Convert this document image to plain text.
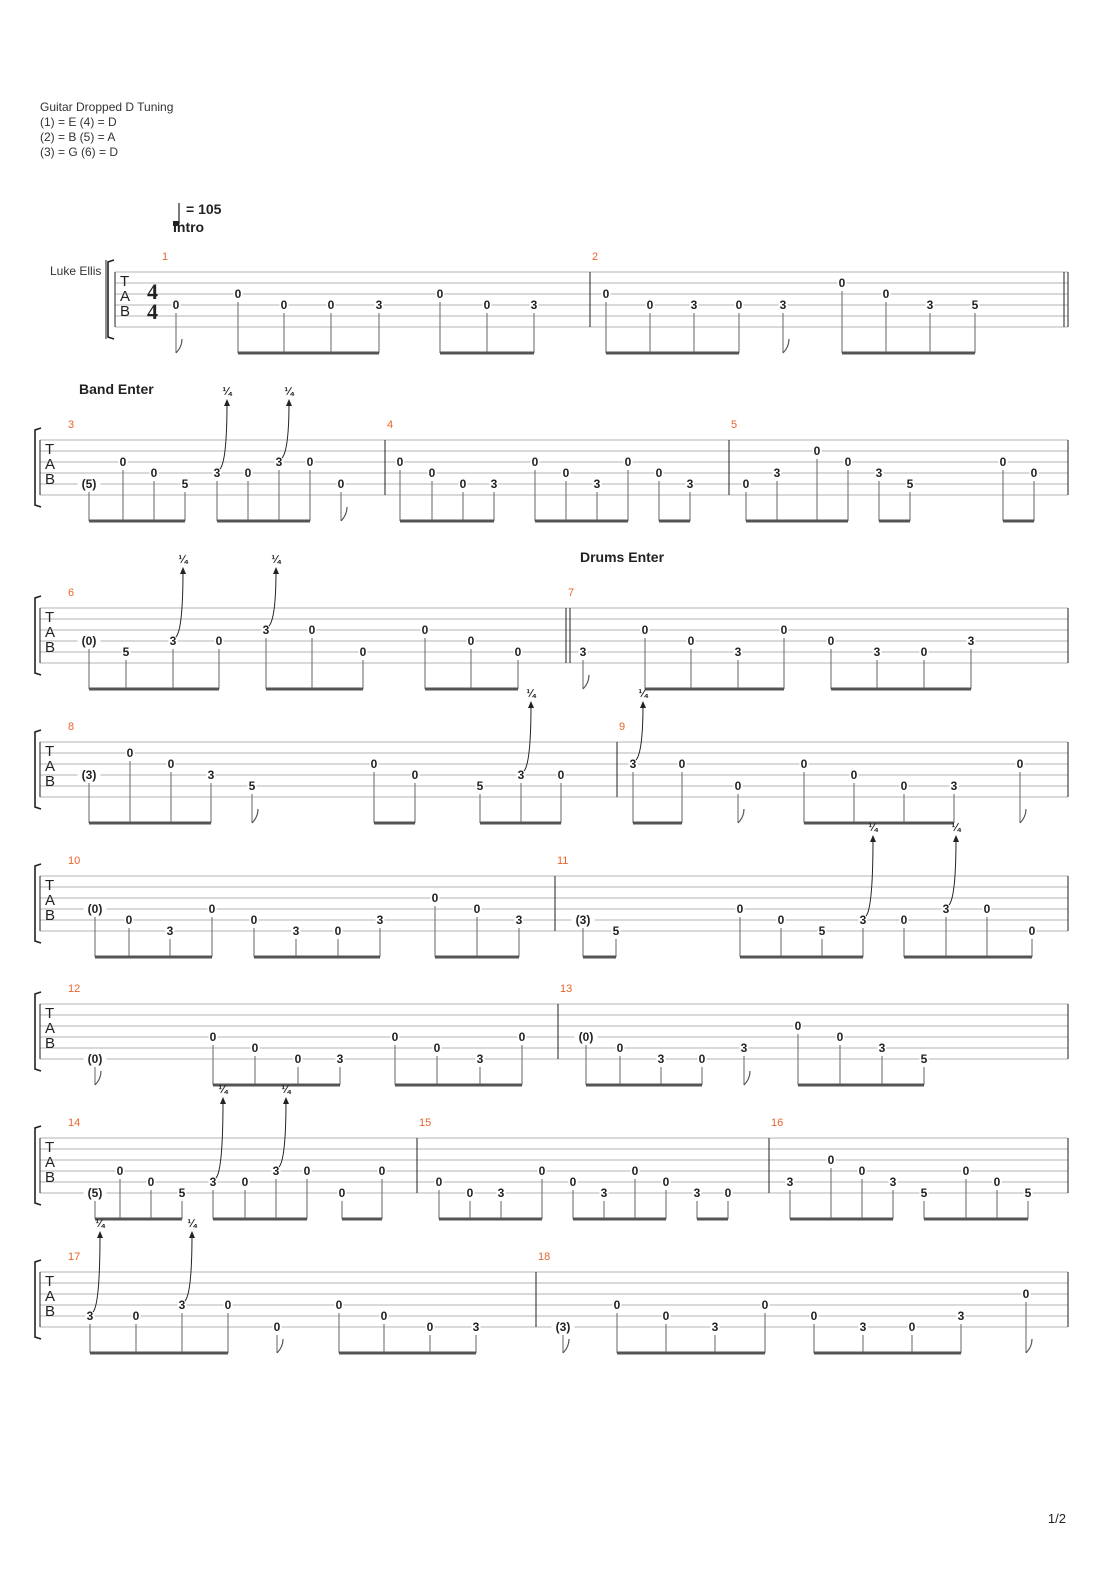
Guitar Dropped D Tuning
(1) = E (4) = D
(2) = B (5) = A
(3) = G (6) = D
= 105
Luke Ellis
T
A
B
4
4
Intro
1
0
0
0	0	3
0
0	3
2
0
0	3	0	3
0
0
3	5
T
A
B
Band Enter
3
(5)
0
0
5
3
¼
0
3
¼
0
0
4
0
0
0 3
0
0
3
0
0
3
5
0
3
0
0
3
5
0
0
T
A
B
Drums Enter
6
(0)
5
3
¼
0
3
¼
0
0
0
0
0
7
3
0
0
3
0
0
3	0
3
T
A
B
8
(3)
0
0
3
5
0
0
5
3
¼
0
9
3
¼
0
0
0
0
0	3
0
T
A
B
10
(0)
0
3
0
0
3	0
3
0
0
3
11
(3)
5
0
0
5
3
¼
0
3
¼
0
0
T
A
B
12
(0)
0
0
0	3
0
0
3
0
13
(0)
0
3	0
3
0
0
3
5
T
A
B
14
(5)
0
0
5
3
¼
0
3
¼
0
0
0
15
0
0 3
0
0
3
0
0
3 0
16
3
0
0
3
5
0
0
5
T
A
B
17
3
¼
0
3
¼
0
0
0
0
0	3
18
(3)
0
0
3
0
0
3	0
3
0
1/2
